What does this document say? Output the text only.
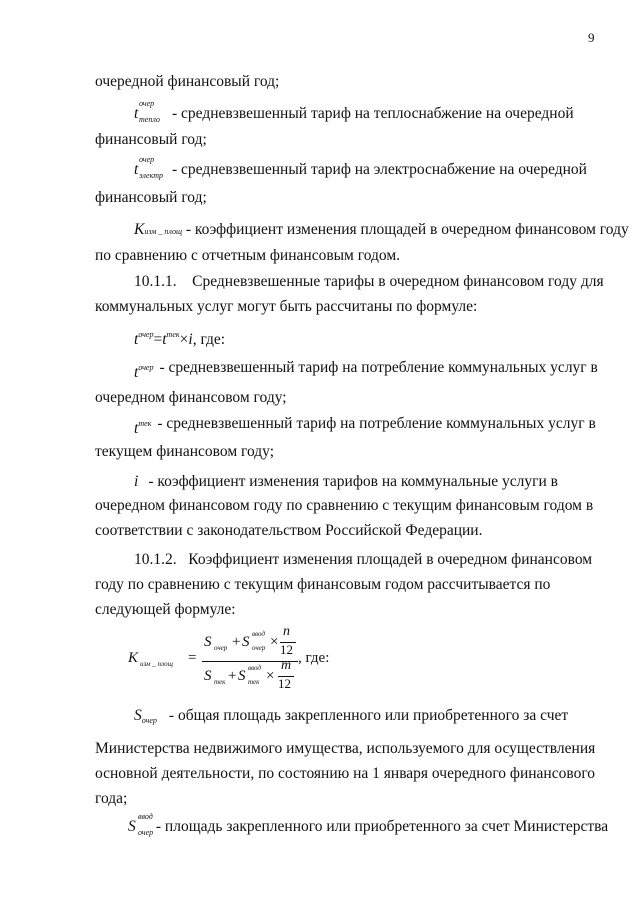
9
очередной финансовый год;
t
очер
тепло - средневзвешенный тариф на теплоснабжение на очередной
финансовый год;
t
очер
электр - средневзвешенный тариф на электроснабжение на очередной
финансовый год;
Kизм _ площ - коэффициент изменения площадей в очередном финансовом году
по сравнению с отчетным финансовым годом.
10.1.1.    Средневзвешенные тарифы в очередном финансовом году для
коммунальных услуг могут быть рассчитаны по формуле:
$t^{очер}=t^{тек}\times i$, где:
$t^{очер}$ - средневзвешенный тариф на потребление коммунальных услуг в
очередном финансовом году;
$t^{тек}$ - средневзвешенный тариф на потребление коммунальных услуг в
текущем финансовом году;
i - коэффициент изменения тарифов на коммунальные услуги в
очередном финансовом году по сравнению с текущим финансовым годом в
соответствии с законодательством Российской Федерации.
10.1.2.   Коэффициент изменения площадей в очередном финансовом
году по сравнению с текущим финансовым годом рассчитывается по
следующей формуле:
K изм _ площ =
S очер + S ввод
очер ×
n
12
S тек + S ввод
тек ×
m
12
, где:
$S_{очер}$ - общая площадь закрепленного или приобретенного за счет
Министерства недвижимого имущества, используемого для осуществления
основной деятельности, по состоянию на 1 января очередного финансового
года;
S
ввод
очер - площадь закрепленного или приобретенного за счет Министерства
